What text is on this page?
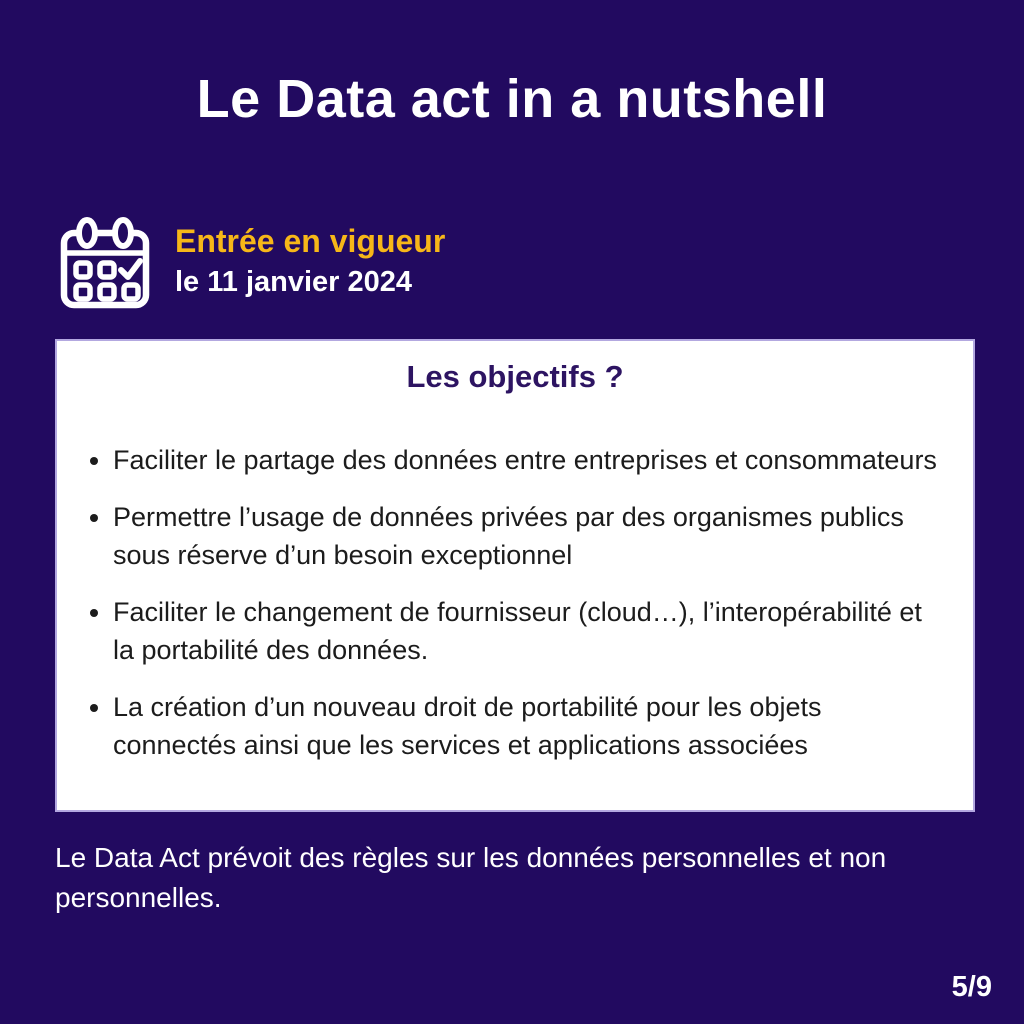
Le Data act in a nutshell

Entrée en vigueur

le 11 janvier 2024

Les objectifs ?
• Faciliter le partage des données entre entreprises et consommateurs
• Permettre l’usage de données privées par des organismes publics sous réserve d’un besoin exceptionnel
• Faciliter le changement de fournisseur (cloud…), l’interopérabilité et la portabilité des données.
• La création d’un nouveau droit de portabilité pour les objets connectés ainsi que les services et applications associées

Le Data Act prévoit des règles sur les données personnelles et non personnelles.

5/9
